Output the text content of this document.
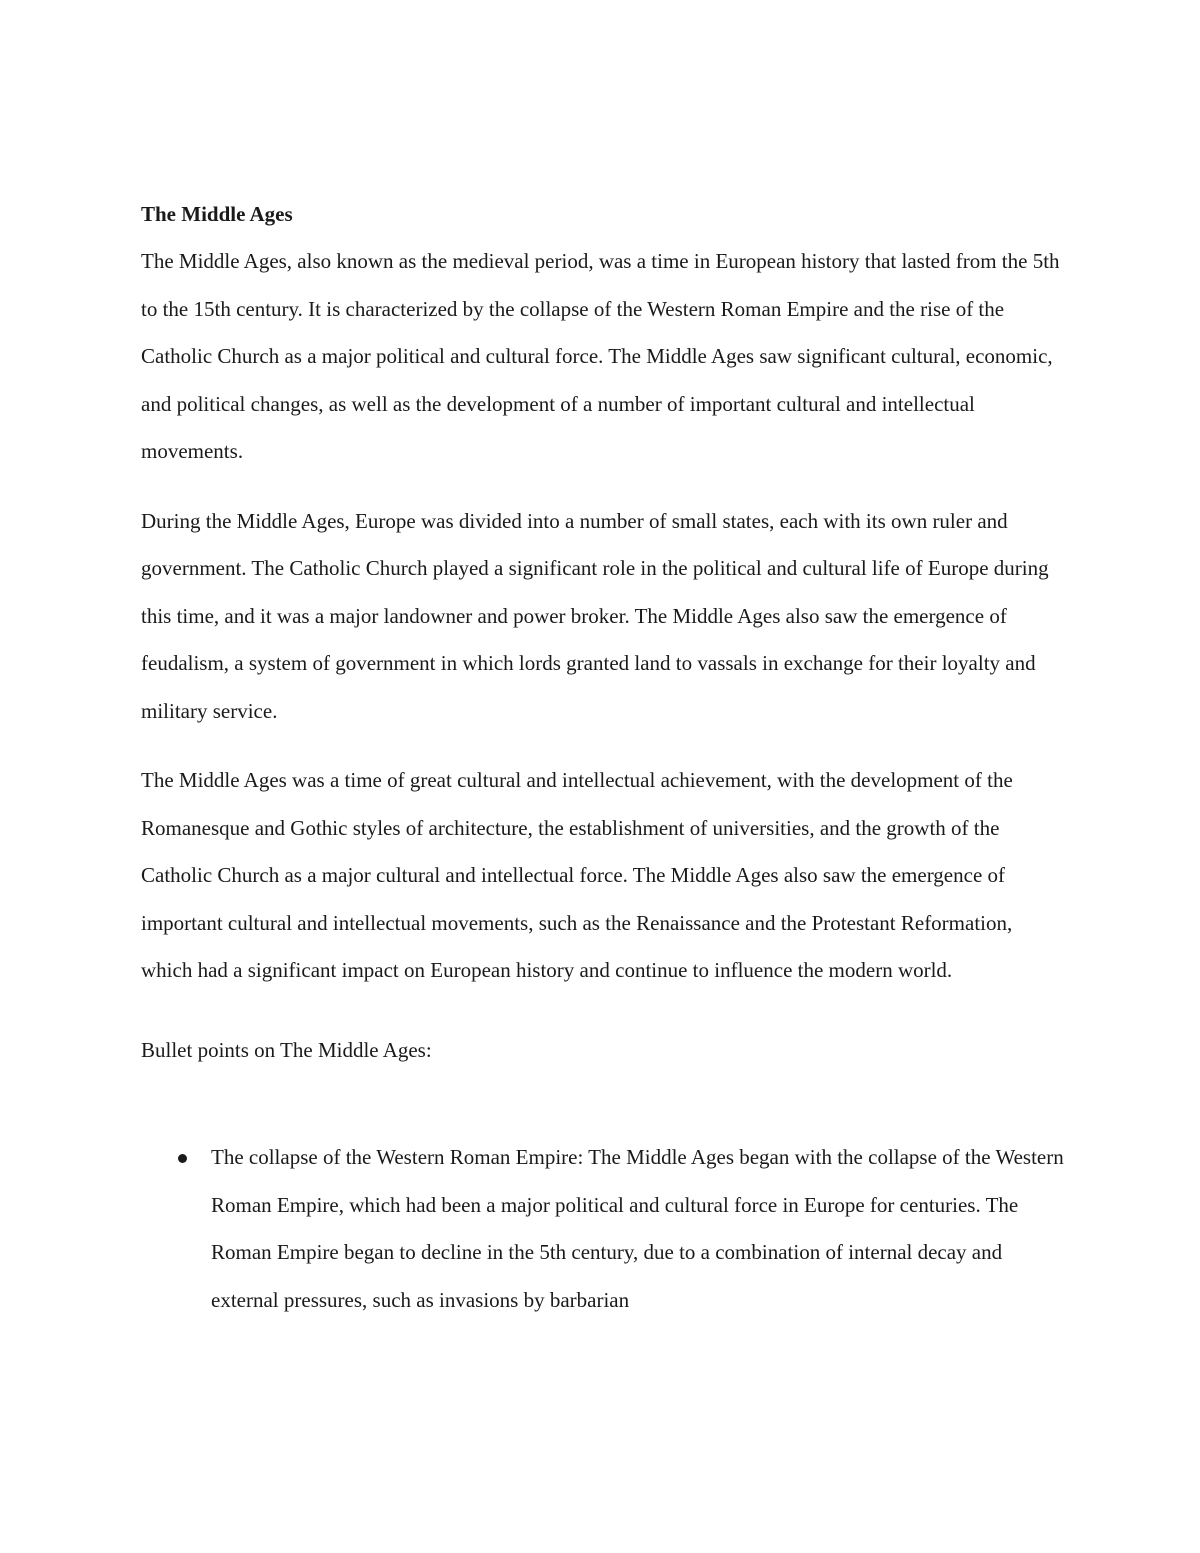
The Middle Ages

The Middle Ages, also known as the medieval period, was a time in European history that lasted from the 5th to the 15th century. It is characterized by the collapse of the Western Roman Empire and the rise of the Catholic Church as a major political and cultural force. The Middle Ages saw significant cultural, economic, and political changes, as well as the development of a number of important cultural and intellectual movements.

During the Middle Ages, Europe was divided into a number of small states, each with its own ruler and government. The Catholic Church played a significant role in the political and cultural life of Europe during this time, and it was a major landowner and power broker. The Middle Ages also saw the emergence of feudalism, a system of government in which lords granted land to vassals in exchange for their loyalty and military service.

The Middle Ages was a time of great cultural and intellectual achievement, with the development of the Romanesque and Gothic styles of architecture, the establishment of universities, and the growth of the Catholic Church as a major cultural and intellectual force. The Middle Ages also saw the emergence of important cultural and intellectual movements, such as the Renaissance and the Protestant Reformation, which had a significant impact on European history and continue to influence the modern world.

Bullet points on The Middle Ages:

The collapse of the Western Roman Empire: The Middle Ages began with the collapse of the Western Roman Empire, which had been a major political and cultural force in Europe for centuries. The Roman Empire began to decline in the 5th century, due to a combination of internal decay and external pressures, such as invasions by barbarian
